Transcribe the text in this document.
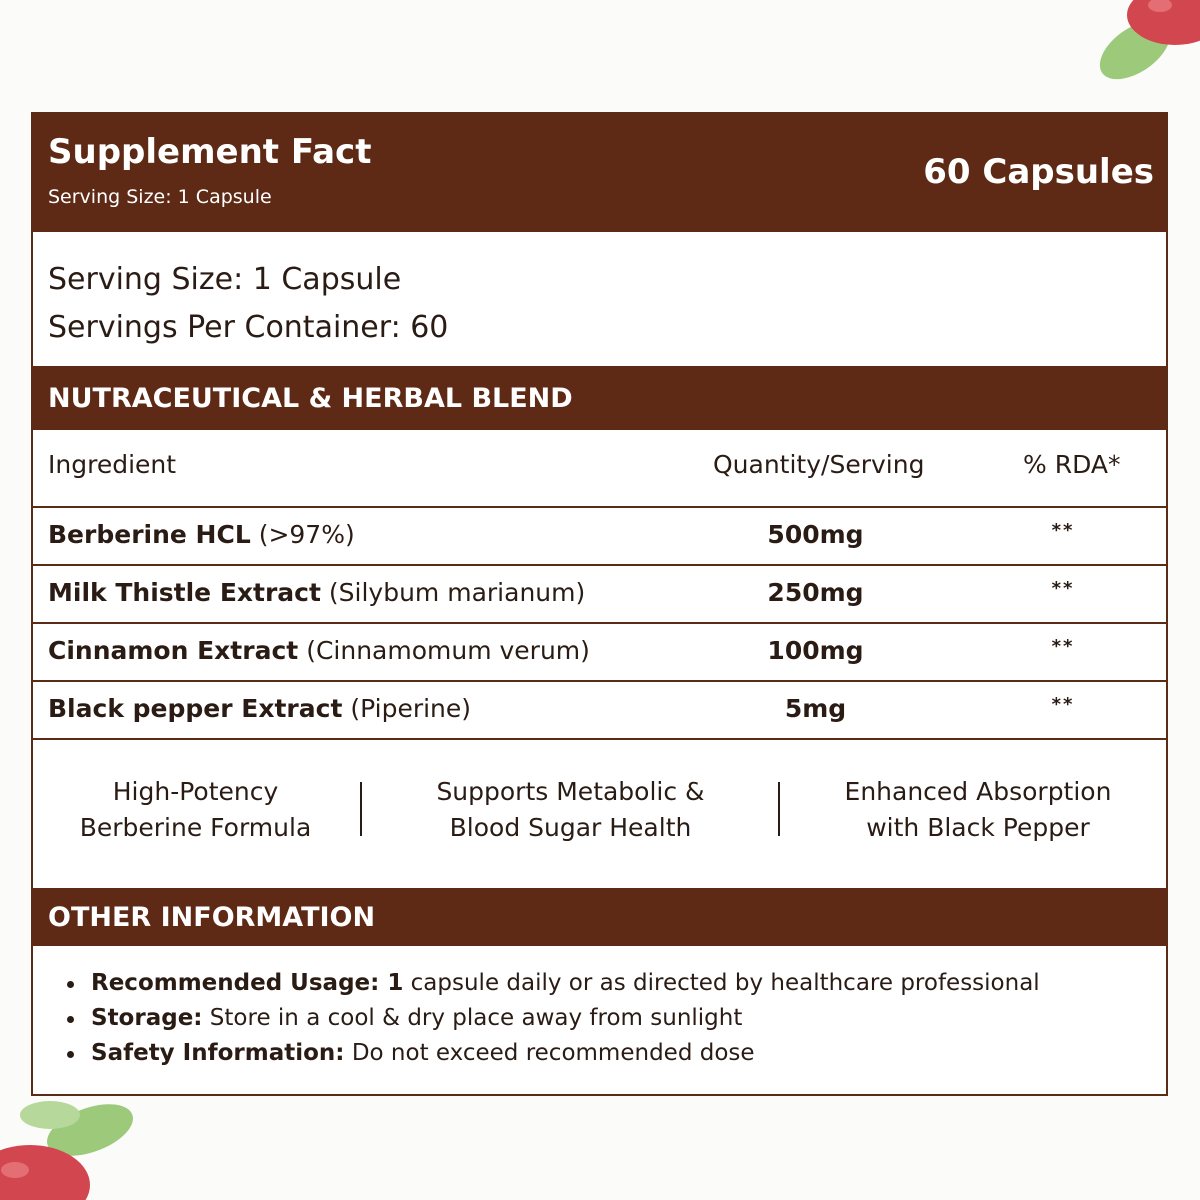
Supplement Fact
Serving Size: 1 Capsule
60 Capsules
Serving Size: 1 Capsule
Servings Per Container: 60
NUTRACEUTICAL & HERBAL BLEND
Ingredient	Quantity/Serving	% RDA*
Berberine HCL (>97%)	500mg	**
Milk Thistle Extract (Silybum marianum)	250mg	**
Cinnamon Extract (Cinnamomum verum)	100mg	**
Black pepper Extract (Piperine)	5mg	**
High-Potency
Berberine Formula
Supports Metabolic &
Blood Sugar Health
Enhanced Absorption
with Black Pepper
OTHER INFORMATION
Recommended Usage: 1 capsule daily or as directed by healthcare professional
Storage: Store in a cool & dry place away from sunlight
Safety Information: Do not exceed recommended dose
